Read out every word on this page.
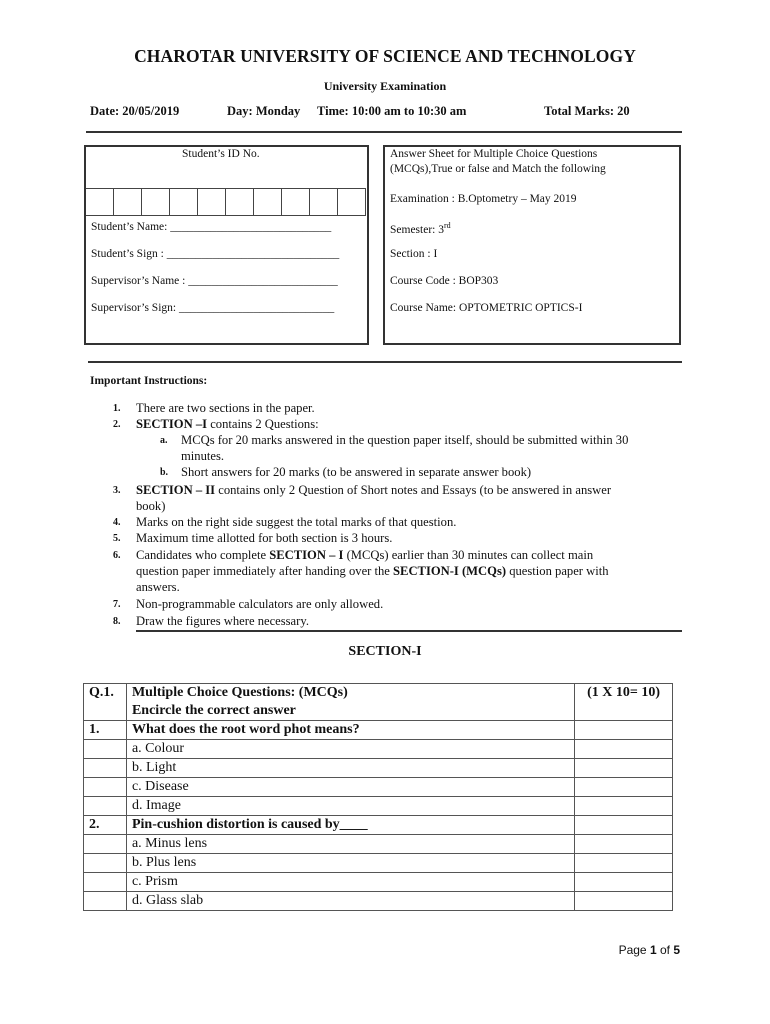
CHAROTAR UNIVERSITY OF SCIENCE AND TECHNOLOGY
University Examination
Date: 20/05/2019	Day: Monday Time: 10:00 am to 10:30 am	Total Marks: 20
Student’s ID No.
Student’s Name: ____________________________
Student’s Sign : ______________________________
Supervisor’s Name : __________________________
Supervisor’s Sign: ___________________________
Answer Sheet for Multiple Choice Questions
(MCQs),True or false and Match the following
Examination : B.Optometry – May 2019
Semester: 3rd
Section : I
Course Code : BOP303
Course Name: OPTOMETRIC OPTICS-I
Important Instructions:
1. There are two sections in the paper.
2. SECTION –I contains 2 Questions:
a. MCQs for 20 marks answered in the question paper itself, should be submitted within 30
minutes.
b. Short answers for 20 marks (to be answered in separate answer book)
3. SECTION – II contains only 2 Question of Short notes and Essays (to be answered in answer
book)
4. Marks on the right side suggest the total marks of that question.
5. Maximum time allotted for both section is 3 hours.
6. Candidates who complete SECTION – I (MCQs) earlier than 30 minutes can collect main
question paper immediately after handing over the SECTION-I (MCQs) question paper with
answers.
7. Non-programmable calculators are only allowed.
8. Draw the figures where necessary.
SECTION-I
Q.1.	Multiple Choice Questions: (MCQs)
Encircle the correct answer	(1 X 10= 10)
1.	What does the root word phot means?	
	a. Colour	
	b. Light	
	c. Disease	
	d. Image	
2.	Pin-cushion distortion is caused by____	
	a. Minus lens	
	b. Plus lens	
	c. Prism	
	d. Glass slab	
Page 1 of 5
